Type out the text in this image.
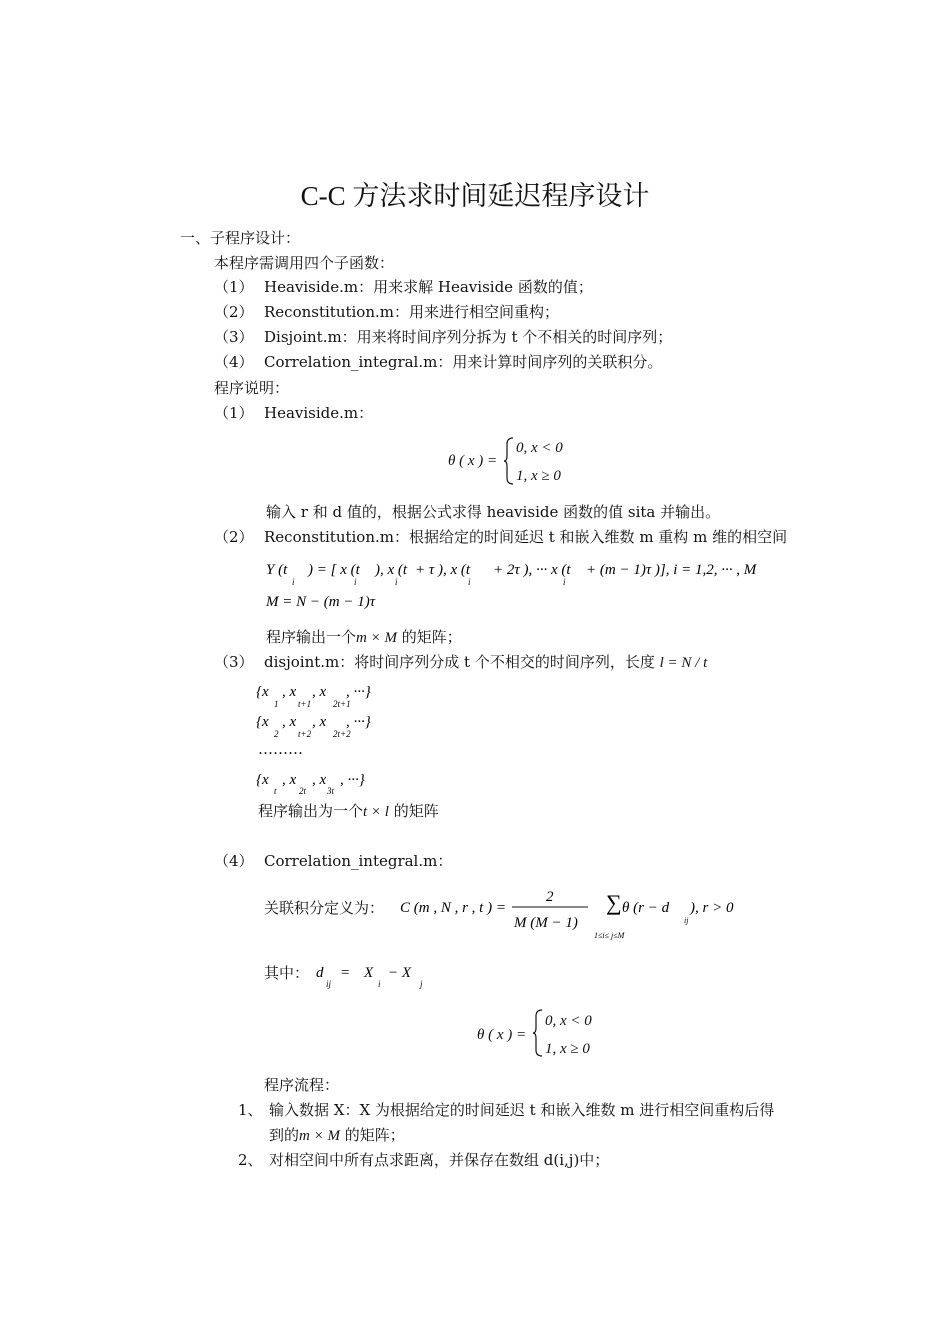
C-C 方法求时间延迟程序设计
一、子程序设计：
本程序需调用四个子函数：
（1） Heaviside.m：用来求解 Heaviside 函数的值；
（2） Reconstitution.m：用来进行相空间重构；
（3） Disjoint.m：用来将时间序列分拆为 t 个不相关的时间序列；
（4） Correlation_integral.m：用来计算时间序列的关联积分。
程序说明：
（1） Heaviside.m：
θ ( x ) =
0, x < 0
1, x ≥ 0
输入 r 和 d 值的，根据公式求得 heaviside 函数的值 sita 并输出。
（2） Reconstitution.m：根据给定的时间延迟 t 和嵌入维数 m 重构 m 维的相空间
Y (t ) = [ x (t ), x (t + τ ), x (t + 2τ ), ··· x (t + (m − 1)τ )], i = 1,2, ··· , M
M = N − (m − 1)τ
i	i	i	i	i
程序输出一个m × M 的矩阵；
（3） disjoint.m：将时间序列分成 t 个不相交的时间序列，长度 l = N / t
{x , x , x , ···}
{x , x , x , ···}
{x , x , x , ···}
1 t+1 2t+1
2 t+2 2t+2
t 2t 3t
………
程序输出为一个t × l 的矩阵
（4） Correlation_integral.m：
关联积分定义为： C (m , N , r , t ) =
2
M (M − 1)
θ (r − d ), r > 0
∑
1≤i≤ j≤M
ij
其中： d = X − X
ij	i	j
θ ( x ) =
0, x < 0
1, x ≥ 0
程序流程：
1、 输入数据 X：X 为根据给定的时间延迟 t 和嵌入维数 m 进行相空间重构后得
到的m × M 的矩阵；
2、 对相空间中所有点求距离，并保存在数组 d(i,j)中；
